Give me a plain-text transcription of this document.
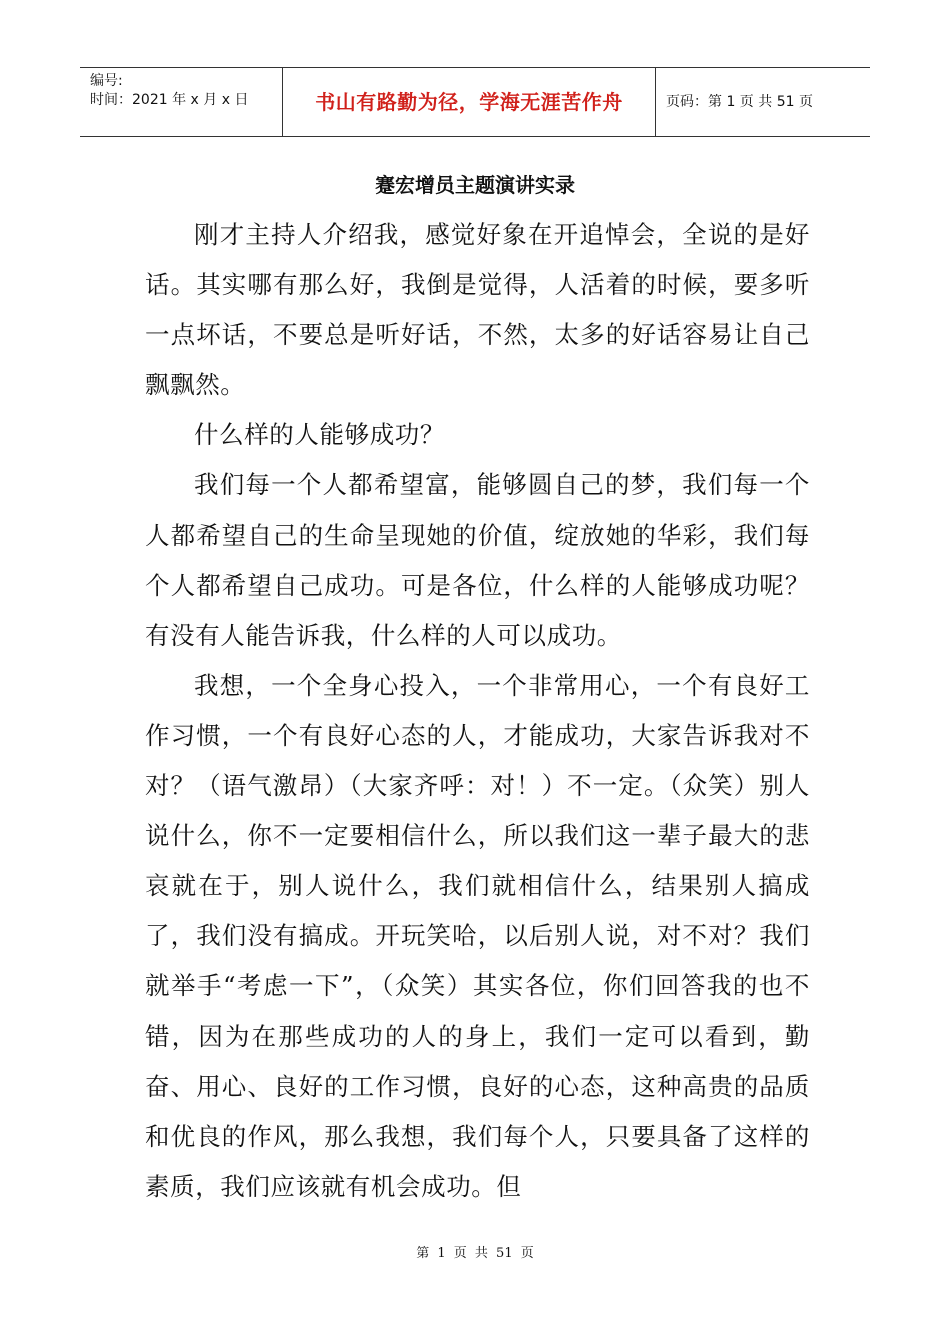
编号:
时间：2021 年 x 月 x 日	书山有路勤为径，学海无涯苦作舟	页码：第 1 页 共 51 页
蹇宏增员主题演讲实录

刚才主持人介绍我，感觉好象在开追悼会，全说的是好话。其实哪有那么好，我倒是觉得，人活着的时候，要多听一点坏话，不要总是听好话，不然，太多的好话容易让自己飘飘然。

什么样的人能够成功？

我们每一个人都希望富，能够圆自己的梦，我们每一个人都希望自己的生命呈现她的价值，绽放她的华彩，我们每个人都希望自己成功。可是各位，什么样的人能够成功呢？有没有人能告诉我，什么样的人可以成功。

我想，一个全身心投入，一个非常用心，一个有良好工作习惯，一个有良好心态的人，才能成功，大家告诉我对不对？（语气激昂）（大家齐呼：对！）不一定。（众笑）别人说什么，你不一定要相信什么，所以我们这一辈子最大的悲哀就在于，别人说什么，我们就相信什么，结果别人搞成了，我们没有搞成。开玩笑哈，以后别人说，对不对？我们就举手“考虑一下”，（众笑）其实各位，你们回答我的也不错，因为在那些成功的人的身上，我们一定可以看到，勤奋、用心、良好的工作习惯，良好的心态，这种高贵的品质和优良的作风，那么我想，我们每个人，只要具备了这样的素质，我们应该就有机会成功。但

第 1 页 共 51 页
